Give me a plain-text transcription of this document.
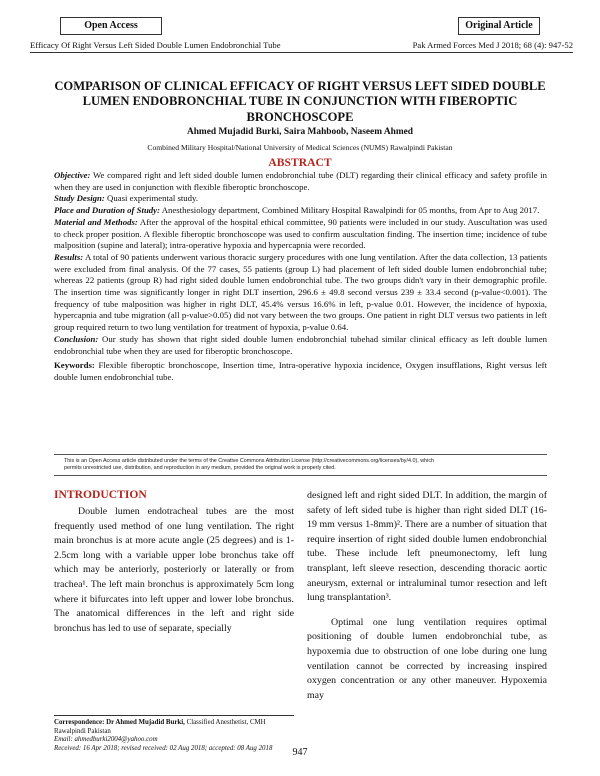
Open Access	Original Article
Efficacy Of Right Versus Left Sided Double Lumen Endobronchial Tube	Pak Armed Forces Med J 2018; 68 (4): 947-52
COMPARISON OF CLINICAL EFFICACY OF RIGHT VERSUS LEFT SIDED DOUBLE LUMEN ENDOBRONCHIAL TUBE IN CONJUNCTION WITH FIBEROPTIC BRONCHOSCOPE
Ahmed Mujadid Burki, Saira Mahboob, Naseem Ahmed
Combined Military Hospital/National University of Medical Sciences (NUMS) Rawalpindi Pakistan
ABSTRACT

Objective: We compared right and left sided double lumen endobronchial tube (DLT) regarding their clinical efficacy and safety profile in when they are used in conjunction with flexible fiberoptic bronchoscope.

Study Design: Quasi experimental study.

Place and Duration of Study: Anesthesiology department, Combined Military Hospital Rawalpindi for 05 months, from Apr to Aug 2017.

Material and Methods: After the approval of the hospital ethical committee, 90 patients were included in our study. Auscultation was used to check proper position. A flexible fiberoptic bronchoscope was used to confirm auscultation finding. The insertion time; incidence of tube malposition (supine and lateral); intra-operative hypoxia and hypercapnia were recorded.

Results: A total of 90 patients underwent various thoracic surgery procedures with one lung ventilation. After the data collection, 13 patients were excluded from final analysis. Of the 77 cases, 55 patients (group L) had placement of left sided double lumen endobronchial tube; whereas 22 patients (group R) had right sided double lumen endobronchial tube. The two groups didn't vary in their demographic profile. The insertion time was significantly longer in right DLT insertion, 296.6 ± 49.8 second versus 239 ± 33.4 second (p-value<0.001). The frequency of tube malposition was higher in right DLT, 45.4% versus 16.6% in left, p-value 0.01. However, the incidence of hypoxia, hypercapnia and tube migration (all p-value>0.05) did not vary between the two groups. One patient in right DLT versus two patients in left group required return to two lung ventilation for treatment of hypoxia, p-value 0.64.

Conclusion: Our study has shown that right sided double lumen endobronchial tubehad similar clinical efficacy as left double lumen endobronchial tube when they are used for fiberoptic bronchoscope.

Keywords: Flexible fiberoptic bronchoscope, Insertion time, Intra-operative hypoxia incidence, Oxygen insufflations, Right versus left double lumen endobronchial tube.

This is an Open Access article distributed under the terms of the Creative Commons Attribution License (http://creativecommons.org/licenses/by/4.0), which
permits unrestricted use, distribution, and reproduction in any medium, provided the original work is properly cited.

INTRODUCTION

Double lumen endotracheal tubes are the most frequently used method of one lung ventilation. The right main bronchus is at more acute angle (25 degrees) and is 1-2.5cm long with a variable upper lobe bronchus take off which may be anteriorly, posteriorly or laterally or from trachea¹. The left main bronchus is approximately 5cm long where it bifurcates into left upper and lower lobe bronchus. The anatomical differences in the left and right side bronchus has led to use of separate, specially

designed left and right sided DLT. In addition, the margin of safety of left sided tube is higher than right sided DLT (16-19 mm versus 1-8mm)². There are a number of situation that require insertion of right sided double lumen endobronchial tube. These include left pneumonectomy, left lung transplant, left sleeve resection, descending thoracic aortic aneurysm, external or intraluminal tumor resection and left lung transplantation³.

Optimal one lung ventilation requires optimal positioning of double lumen endobronchial tube, as hypoxemia due to obstruction of one lobe during one lung ventilation cannot be corrected by increasing inspired oxygen concentration or any other maneuver. Hypoxemia may

Correspondence: Dr Ahmed Mujadid Burki, Classified Anesthetist, CMH Rawalpindi Pakistan

Email: ahmedburki2004@yahoo.com

Received: 16 Apr 2018; revised received: 02 Aug 2018; accepted: 08 Aug 2018	947
